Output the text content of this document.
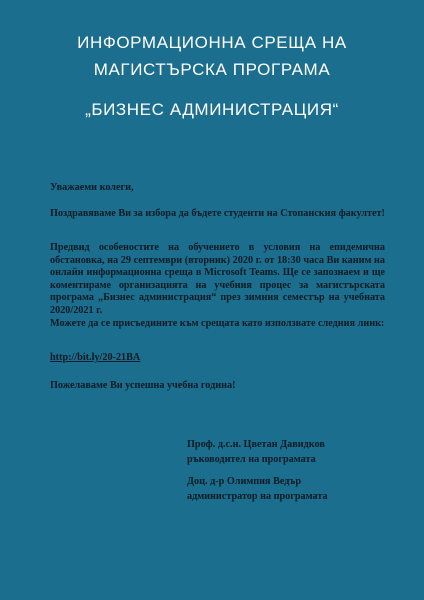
ИНФОРМАЦИОННА СРЕЩА НА
МАГИСТЪРСКА ПРОГРАМА
„БИЗНЕС АДМИНИСТРАЦИЯ“

Уважаеми колеги,

Поздравяваме Ви за избора да бъдете студенти на Стопанския факултет!

Предвид особеностите на обучението в условия на епидемична обстановка, на 29 септември (вторник) 2020 г. от 18:30 часа Ви каним на онлайн информационна среща в Microsoft Teams. Ще се запознаем и ще коментираме организацията на учебния процес за магистърската програма „Бизнес администрация“ през зимния семестър на учебната 2020/2021 г.

Можете да се присъедините към срещата като използвате следния линк:

http://bit.ly/20-21BA

Пожелаваме Ви успешна учебна година!

Проф. д.с.н. Цветан Давидков
ръководител на програмата
Доц. д-р Олимпия Ведър
администратор на програмата
